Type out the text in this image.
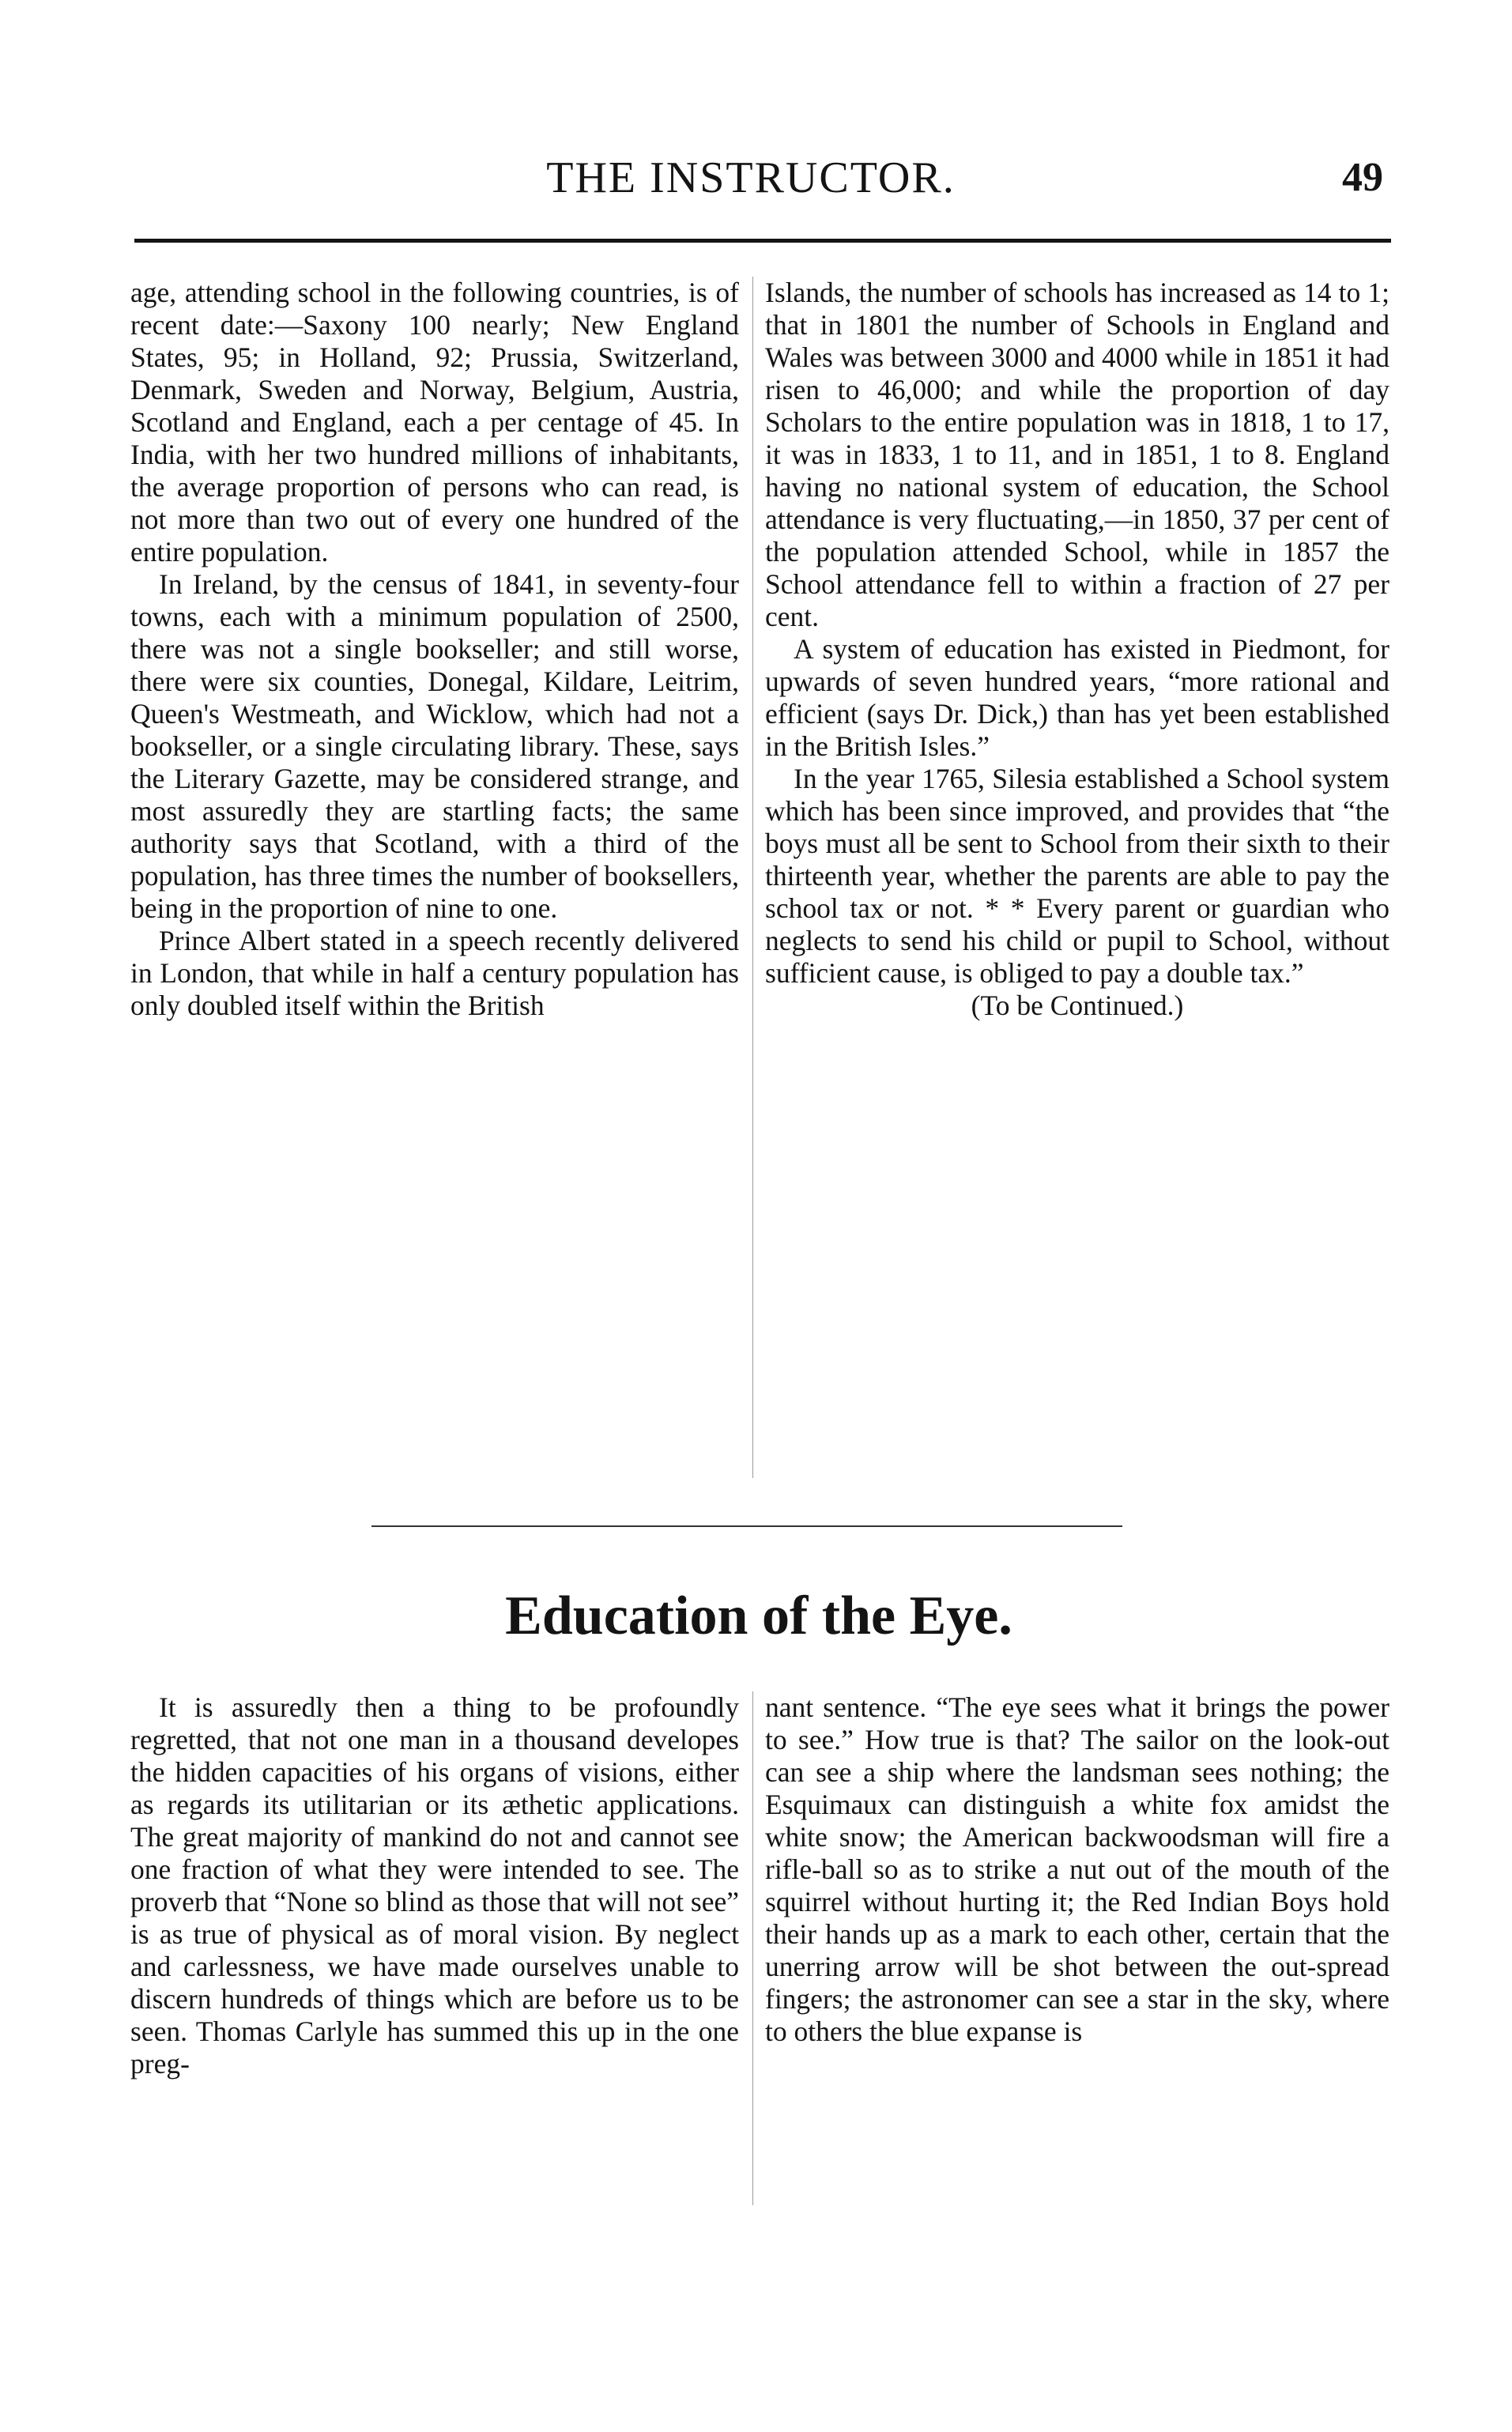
THE INSTRUCTOR.	49

age, attending school in the following countries, is of recent date:—Saxony 100 nearly; New England States, 95; in Holland, 92; Prussia, Switzerland, Denmark, Sweden and Norway, Belgium, Austria, Scotland and England, each a per centage of 45. In India, with her two hundred millions of inhabitants, the average proportion of persons who can read, is not more than two out of every one hundred of the entire population.

In Ireland, by the census of 1841, in seventy-four towns, each with a minimum population of 2500, there was not a single bookseller; and still worse, there were six counties, Donegal, Kildare, Leitrim, Queen's Westmeath, and Wicklow, which had not a bookseller, or a single circulating library. These, says the Literary Gazette, may be considered strange, and most assuredly they are startling facts; the same authority says that Scotland, with a third of the population, has three times the number of booksellers, being in the proportion of nine to one.

Prince Albert stated in a speech recently delivered in London, that while in half a century population has only doubled itself within the British

Islands, the number of schools has increased as 14 to 1; that in 1801 the number of Schools in England and Wales was between 3000 and 4000 while in 1851 it had risen to 46,000; and while the proportion of day Scholars to the entire population was in 1818, 1 to 17, it was in 1833, 1 to 11, and in 1851, 1 to 8. England having no national system of education, the School attendance is very fluctuating,—in 1850, 37 per cent of the population attended School, while in 1857 the School attendance fell to within a fraction of 27 per cent.

A system of education has existed in Piedmont, for upwards of seven hundred years, “more rational and efficient (says Dr. Dick,) than has yet been established in the British Isles.”

In the year 1765, Silesia established a School system which has been since improved, and provides that “the boys must all be sent to School from their sixth to their thirteenth year, whether the parents are able to pay the school tax or not. * * Every parent or guardian who neglects to send his child or pupil to School, without sufficient cause, is obliged to pay a double tax.”

(To be Continued.)

Education of the Eye.

It is assuredly then a thing to be profoundly regretted, that not one man in a thousand developes the hidden capacities of his organs of visions, either as regards its utilitarian or its æthetic applications. The great majority of mankind do not and cannot see one fraction of what they were intended to see. The proverb that “None so blind as those that will not see” is as true of physical as of moral vision. By neglect and carlessness, we have made ourselves unable to discern hundreds of things which are before us to be seen. Thomas Carlyle has summed this up in the one preg-

nant sentence. “The eye sees what it brings the power to see.” How true is that? The sailor on the look-out can see a ship where the landsman sees nothing; the Esquimaux can distinguish a white fox amidst the white snow; the American backwoodsman will fire a rifle-ball so as to strike a nut out of the mouth of the squirrel without hurting it; the Red Indian Boys hold their hands up as a mark to each other, certain that the unerring arrow will be shot between the out-spread fingers; the astronomer can see a star in the sky, where to others the blue expanse is
